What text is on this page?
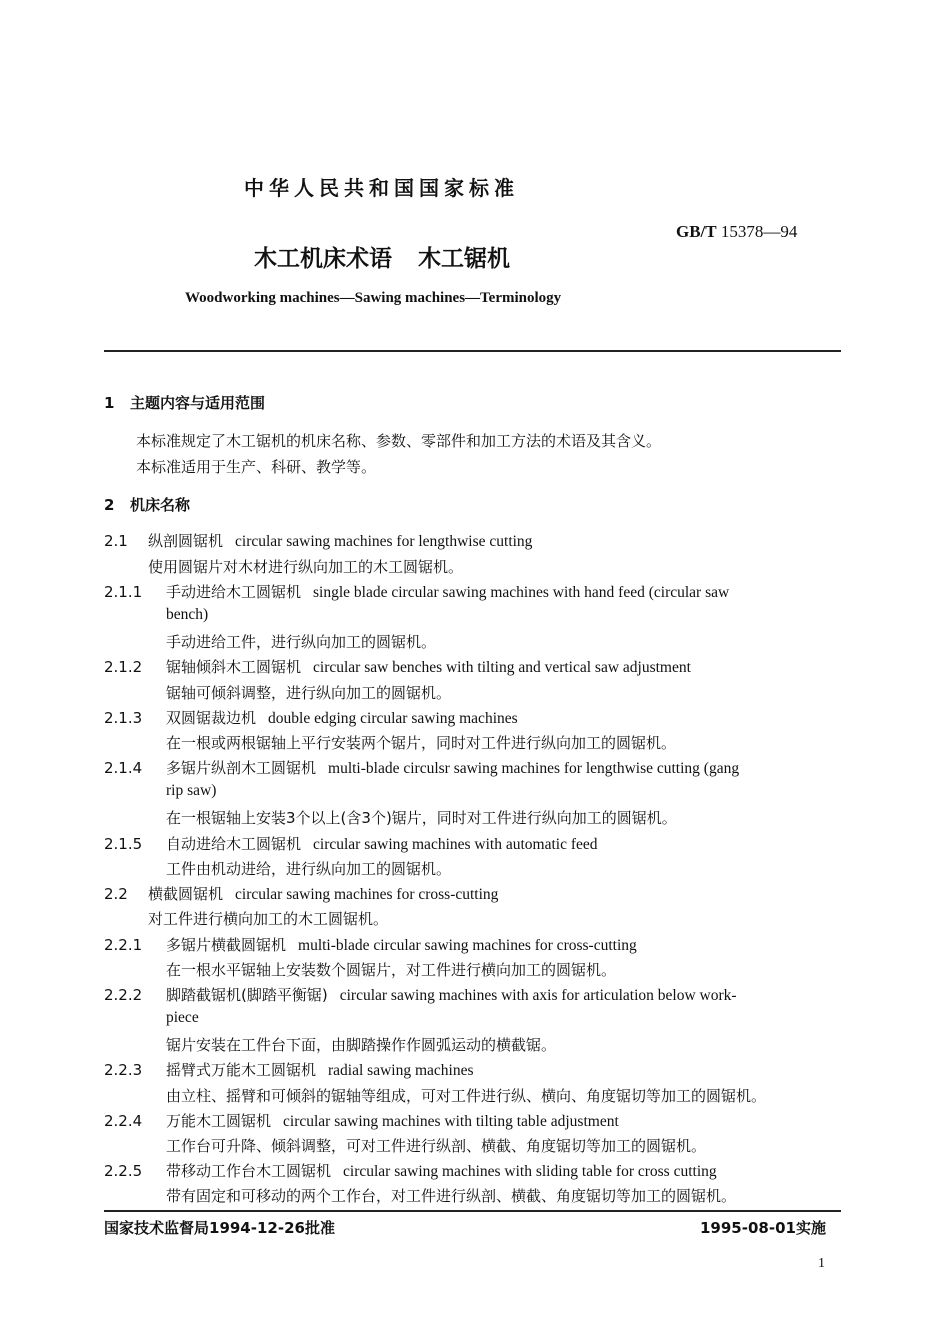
中华人民共和国国家标准
GB/T 15378—94
木工机床术语 木工锯机
Woodworking machines—Sawing machines—Terminology
1 主题内容与适用范围
本标准规定了木工锯机的机床名称、参数、零部件和加工方法的术语及其含义。
本标准适用于生产、科研、教学等。
2 机床名称
2.1 纵剖圆锯机 circular sawing machines for lengthwise cutting
使用圆锯片对木材进行纵向加工的木工圆锯机。
2.1.1 手动进给木工圆锯机 single blade circular sawing machines with hand feed (circular saw
bench)
手动进给工件，进行纵向加工的圆锯机。
2.1.2 锯轴倾斜木工圆锯机 circular saw benches with tilting and vertical saw adjustment
锯轴可倾斜调整，进行纵向加工的圆锯机。
2.1.3 双圆锯裁边机 double edging circular sawing machines
在一根或两根锯轴上平行安装两个锯片，同时对工件进行纵向加工的圆锯机。
2.1.4 多锯片纵剖木工圆锯机 multi-blade circulsr sawing machines for lengthwise cutting (gang
rip saw)
在一根锯轴上安装3个以上(含3个)锯片，同时对工件进行纵向加工的圆锯机。
2.1.5 自动进给木工圆锯机 circular sawing machines with automatic feed
工件由机动进给，进行纵向加工的圆锯机。
2.2 横截圆锯机 circular sawing machines for cross-cutting
对工件进行横向加工的木工圆锯机。
2.2.1 多锯片横截圆锯机 multi-blade circular sawing machines for cross-cutting
在一根水平锯轴上安装数个圆锯片，对工件进行横向加工的圆锯机。
2.2.2 脚踏截锯机(脚踏平衡锯) circular sawing machines with axis for articulation below work-
piece
锯片安装在工件台下面，由脚踏操作作圆弧运动的横截锯。
2.2.3 摇臂式万能木工圆锯机 radial sawing machines
由立柱、摇臂和可倾斜的锯轴等组成，可对工件进行纵、横向、角度锯切等加工的圆锯机。
2.2.4 万能木工圆锯机 circular sawing machines with tilting table adjustment
工作台可升降、倾斜调整，可对工件进行纵剖、横截、角度锯切等加工的圆锯机。
2.2.5 带移动工作台木工圆锯机 circular sawing machines with sliding table for cross cutting
带有固定和可移动的两个工作台，对工件进行纵剖、横截、角度锯切等加工的圆锯机。
国家技术监督局1994-12-26批准	1995-08-01实施
1
